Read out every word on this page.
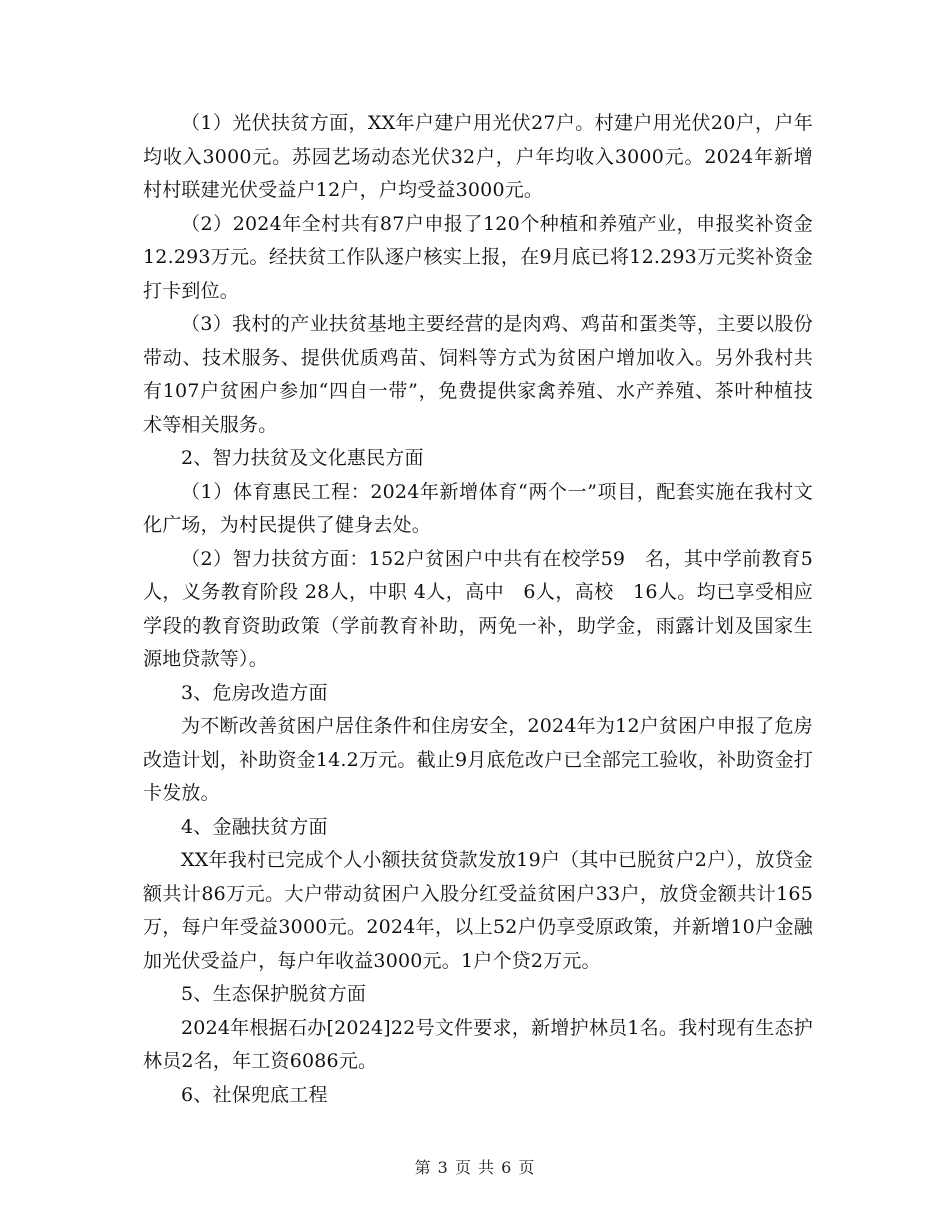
（1）光伏扶贫方面，XX年户建户用光伏27户。村建户用光伏20户，户年均收入3000元。苏园艺场动态光伏32户，户年均收入3000元。2024年新增村村联建光伏受益户12户，户均受益3000元。

（2）2024年全村共有87户申报了120个种植和养殖产业，申报奖补资金12.293万元。经扶贫工作队逐户核实上报，在9月底已将12.293万元奖补资金打卡到位。

（3）我村的产业扶贫基地主要经营的是肉鸡、鸡苗和蛋类等，主要以股份带动、技术服务、提供优质鸡苗、饲料等方式为贫困户增加收入。另外我村共有107户贫困户参加“四自一带”，免费提供家禽养殖、水产养殖、茶叶种植技术等相关服务。

2、智力扶贫及文化惠民方面

（1）体育惠民工程：2024年新增体育“两个一”项目，配套实施在我村文化广场，为村民提供了健身去处。

（2）智力扶贫方面：152户贫困户中共有在校学59　名，其中学前教育5 人，义务教育阶段 28人，中职 4人，高中　6人，高校　16人。均已享受相应学段的教育资助政策（学前教育补助，两免一补，助学金，雨露计划及国家生源地贷款等）。

3、危房改造方面

为不断改善贫困户居住条件和住房安全，2024年为12户贫困户申报了危房改造计划，补助资金14.2万元。截止9月底危改户已全部完工验收，补助资金打卡发放。

4、金融扶贫方面

XX年我村已完成个人小额扶贫贷款发放19户（其中已脱贫户2户），放贷金额共计86万元。大户带动贫困户入股分红受益贫困户33户，放贷金额共计165万，每户年受益3000元。2024年，以上52户仍享受原政策，并新增10户金融加光伏受益户，每户年收益3000元。1户个贷2万元。

5、生态保护脱贫方面

2024年根据石办[2024]22号文件要求，新增护林员1名。我村现有生态护林员2名，年工资6086元。

6、社保兜底工程

第 3 页 共 6 页
